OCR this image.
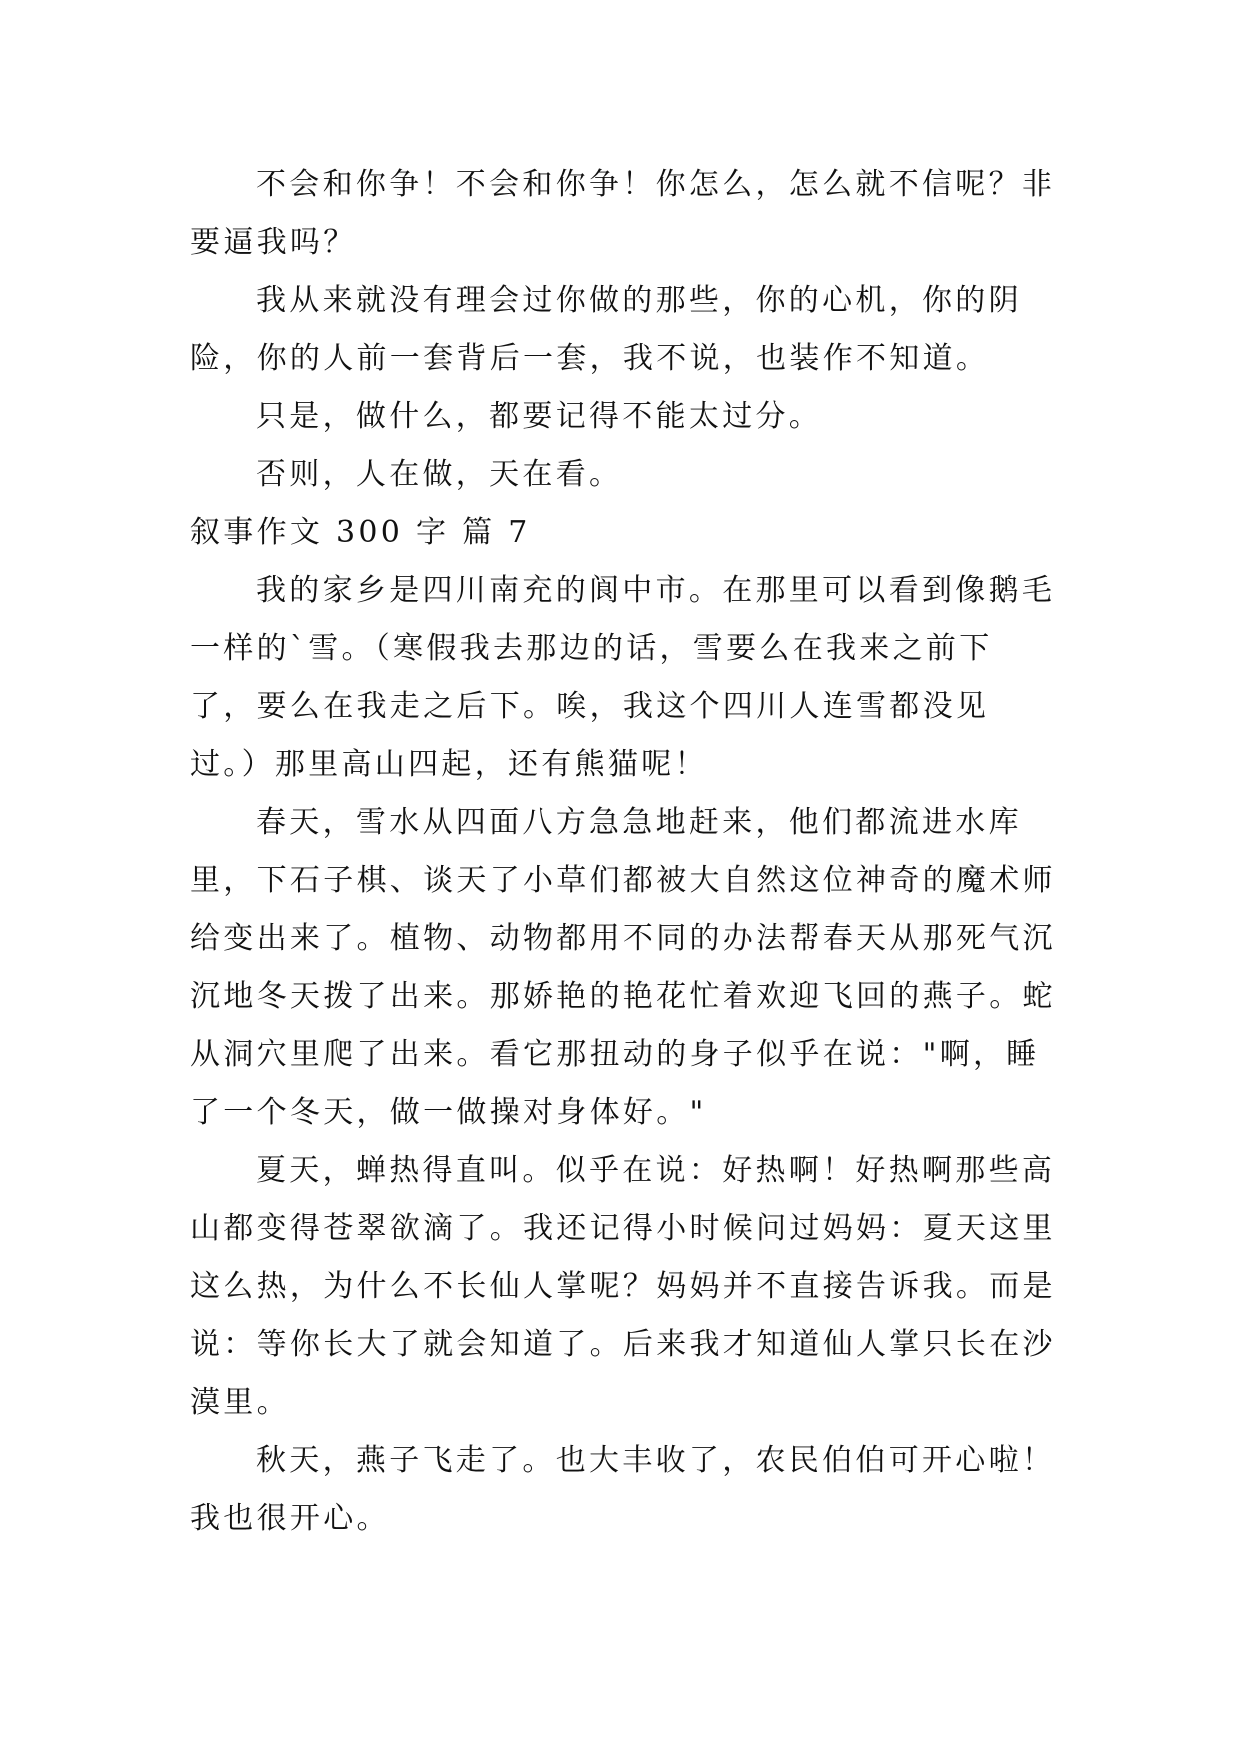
不会和你争！不会和你争！你怎么，怎么就不信呢？非要逼我吗？

我从来就没有理会过你做的那些，你的心机，你的阴险，你的人前一套背后一套，我不说，也装作不知道。

只是，做什么，都要记得不能太过分。

否则，人在做，天在看。

叙事作文 300 字 篇 7

我的家乡是四川南充的阆中市。在那里可以看到像鹅毛一样的`雪。（寒假我去那边的话，雪要么在我来之前下了，要么在我走之后下。唉，我这个四川人连雪都没见过。）那里高山四起，还有熊猫呢！

春天，雪水从四面八方急急地赶来，他们都流进水库里，下石子棋、谈天了小草们都被大自然这位神奇的魔术师给变出来了。植物、动物都用不同的办法帮春天从那死气沉沉地冬天拨了出来。那娇艳的艳花忙着欢迎飞回的燕子。蛇从洞穴里爬了出来。看它那扭动的身子似乎在说："啊，睡了一个冬天，做一做操对身体好。"

夏天，蝉热得直叫。似乎在说：好热啊！好热啊那些高山都变得苍翠欲滴了。我还记得小时候问过妈妈：夏天这里这么热，为什么不长仙人掌呢？妈妈并不直接告诉我。而是说：等你长大了就会知道了。后来我才知道仙人掌只长在沙漠里。

秋天，燕子飞走了。也大丰收了，农民伯伯可开心啦！我也很开心。
